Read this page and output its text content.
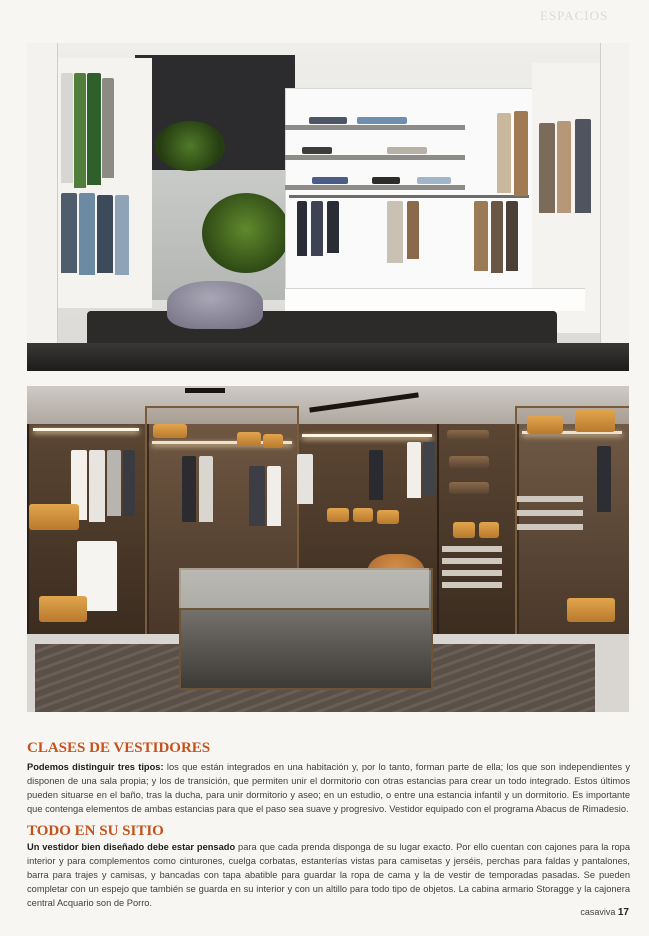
ESPACIOS
CLASES DE VESTIDORES

Podemos distinguir tres tipos: los que están integrados en una habitación y, por lo tanto, forman parte de ella; los que son independientes y disponen de una sala propia; y los de transición, que permiten unir el dormitorio con otras estancias para crear un todo integrado. Estos últimos pueden situarse en el baño, tras la ducha, para unir dormitorio y aseo; en un estudio, o entre una estancia infantil y un dormitorio. Es importante que contenga elementos de ambas estancias para que el paso sea suave y progresivo. Vestidor equipado con el programa Abacus de Rimadesio.

TODO EN SU SITIO

Un vestidor bien diseñado debe estar pensado para que cada prenda disponga de su lugar exacto. Por ello cuentan con cajones para la ropa interior y para complementos como cinturones, cuelga corbatas, estanterías vistas para camisetas y jerséis, perchas para faldas y pantalones, barra para trajes y camisas, y bancadas con tapa abatible para guardar la ropa de cama y la de vestir de temporadas pasadas. Se pueden completar con un espejo que también se guarda en su interior y con un altillo para todo tipo de objetos. La cabina armario Storagge y la cajonera central Acquario son de Porro.

casaviva 17
